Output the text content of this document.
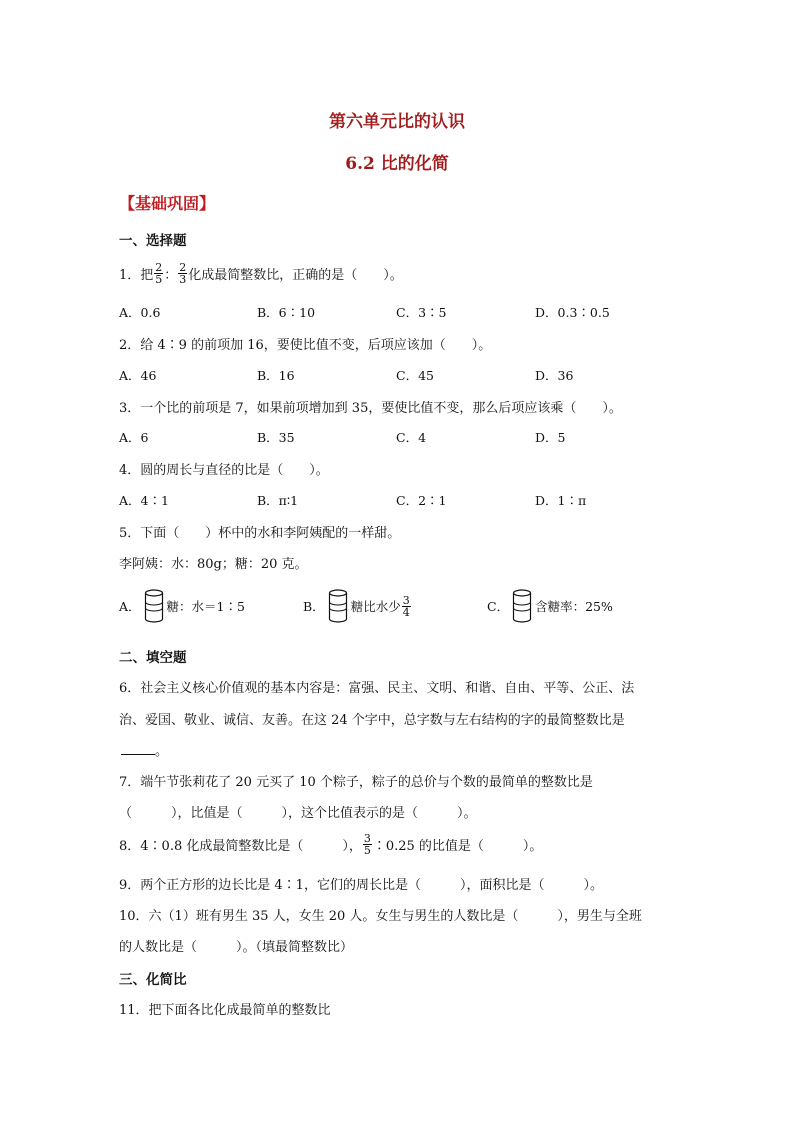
第六单元比的认识
6.2 比的化简
【基础巩固】
一、选择题
1．把 $\frac{2}{5}$ ： $\frac{2}{3}$ 化成最简整数比，正确的是（　　）。
A．0.6	B．6∶10	C．3∶5	D．0.3∶0.5
2．给 4∶9 的前项加 16，要使比值不变，后项应该加（　　）。
A．46	B．16	C．45	D．36
3．一个比的前项是 7，如果前项增加到 35，要使比值不变，那么后项应该乘（　　）。
A．6	B．35	C．4	D．5
4．圆的周长与直径的比是（　　）。
A．4∶1	B．π∶1	C．2∶1	D．1∶π
5．下面（　　）杯中的水和李阿姨配的一样甜。
李阿姨：水：80g；糖：20 克。
A． 糖：水＝1∶5	B． 糖比水少 $\frac{3}{4}$	C． 含糖率：25%
二、填空题
6．社会主义核心价值观的基本内容是：富强、民主、文明、和谐、自由、平等、公正、法
治、爱国、敬业、诚信、友善。在这 24 个字中，总字数与左右结构的字的最简整数比是
。
7．端午节张莉花了 20 元买了 10 个粽子，粽子的总价与个数的最简单的整数比是
（　　　），比值是（　　　），这个比值表示的是（　　　）。
8．4∶0.8 化成最简整数比是（　　　）， $\frac{3}{5}$ ∶0.25 的比值是（　　　）。
9．两个正方形的边长比是 4∶1，它们的周长比是（　　　），面积比是（　　　）。
10．六（1）班有男生 35 人，女生 20 人。女生与男生的人数比是（　　　），男生与全班
的人数比是（　　　）。（填最简整数比）
三、化简比
11．把下面各比化成最简单的整数比
